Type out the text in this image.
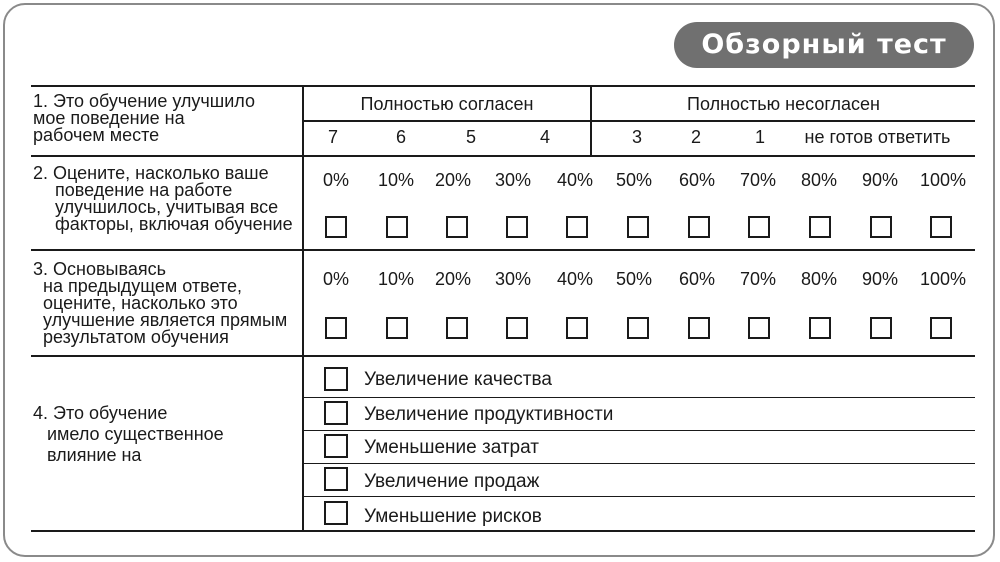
Обзорный тест
1. Это обучение улучшило
мое поведение на
рабочем месте
Полностью согласен	Полностью несогласен
7	6	5	4	3	2	1	не готов ответить
2. Оцените, насколько ваше
поведение на работе
улучшилось, учитывая все
факторы, включая обучение
0%	10%	20%	30%	40%	50%	60%	70%	80%	90%	100%
3. Основываясь
на предыдущем ответе,
оцените, насколько это
улучшение является прямым
результатом обучения
0%	10%	20%	30%	40%	50%	60%	70%	80%	90%	100%
4. Это обучение
имело существенное
влияние на
Увеличение качества
Увеличение продуктивности
Уменьшение затрат
Увеличение продаж
Уменьшение рисков
